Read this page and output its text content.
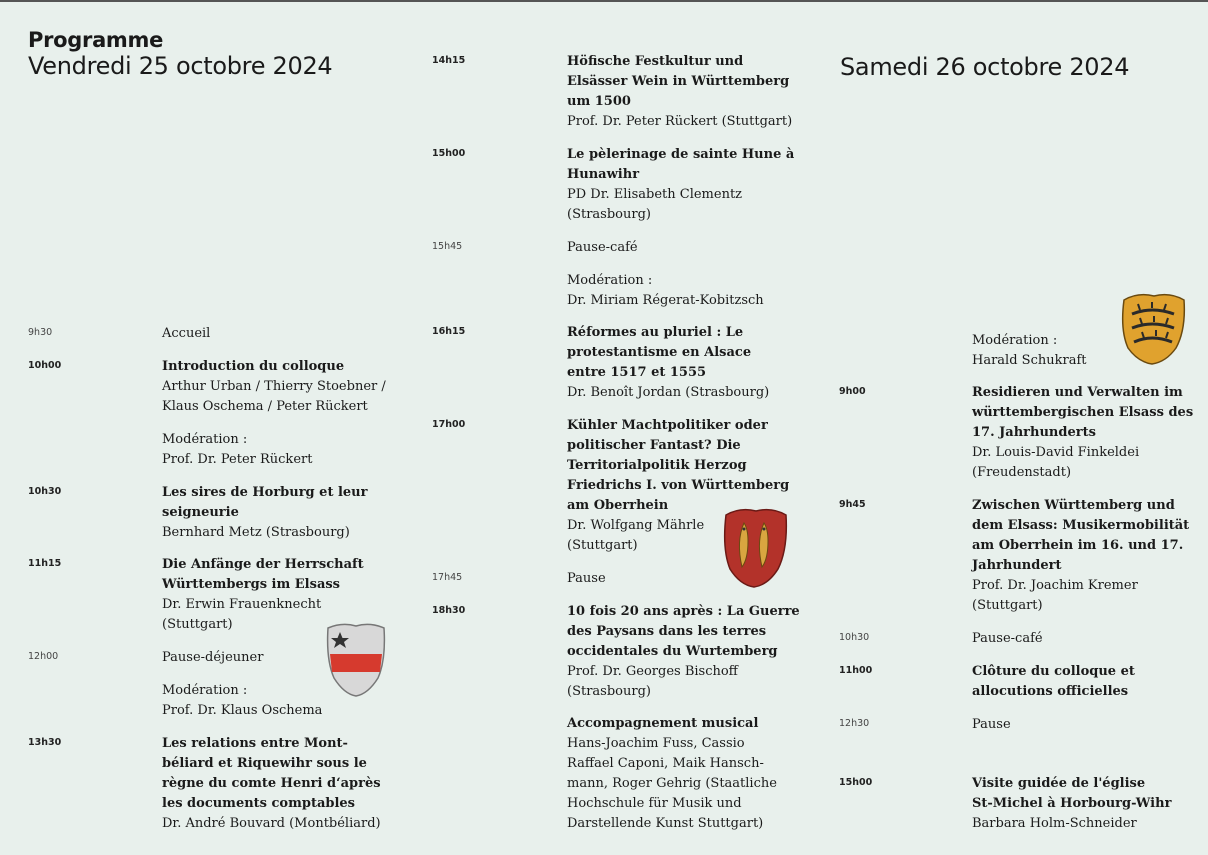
Programme
Vendredi 25 octobre 2024	Samedi 26 octobre 2024
9h30	Accueil
10h00	Introduction du colloque
Arthur Urban / Thierry Stoebner /
Klaus Oschema / Peter Rückert
Modération :
Prof. Dr. Peter Rückert
10h30	Les sires de Horburg et leur
seigneurie
Bernhard Metz (Strasbourg)
11h15	Die Anfänge der Herrschaft
Württembergs im Elsass
Dr. Erwin Frauenknecht
(Stuttgart)
12h00	Pause-déjeuner
Modération :
Prof. Dr. Klaus Oschema
13h30	Les relations entre Mont-
béliard et Riquewihr sous le
règne du comte Henri d‘après
les documents comptables
Dr. André Bouvard (Montbéliard)
14h15	Höfische Festkultur und
Elsässer Wein in Württemberg
um 1500
Prof. Dr. Peter Rückert (Stuttgart)
15h00	Le pèlerinage de sainte Hune à
Hunawihr
PD Dr. Elisabeth Clementz
(Strasbourg)
15h45	Pause-café
Modération :
Dr. Miriam Régerat-Kobitzsch
16h15	Réformes au pluriel : Le
protestantisme en Alsace
entre 1517 et 1555
Dr. Benoît Jordan (Strasbourg)
17h00	Kühler Machtpolitiker oder
politischer Fantast? Die
Territorialpolitik Herzog
Friedrichs I. von Württemberg
am Oberrhein
Dr. Wolfgang Mährle
(Stuttgart)
17h45	Pause
18h30	10 fois 20 ans après : La Guerre
des Paysans dans les terres
occidentales du Wurtemberg
Prof. Dr. Georges Bischoff
(Strasbourg)
Accompagnement musical
Hans-Joachim Fuss, Cassio
Raffael Caponi, Maik Hansch-
mann, Roger Gehrig (Staatliche
Hochschule für Musik und
Darstellende Kunst Stuttgart)
Modération :
Harald Schukraft
9h00	Residieren und Verwalten im
württembergischen Elsass des
17. Jahrhunderts
Dr. Louis-David Finkeldei
(Freudenstadt)
9h45	Zwischen Württemberg und
dem Elsass: Musikermobilität
am Oberrhein im 16. und 17.
Jahrhundert
Prof. Dr. Joachim Kremer
(Stuttgart)
10h30	Pause-café
11h00	Clôture du colloque et
allocutions officielles
12h30	Pause
15h00	Visite guidée de l'église
St-Michel à Horbourg-Wihr
Barbara Holm-Schneider
